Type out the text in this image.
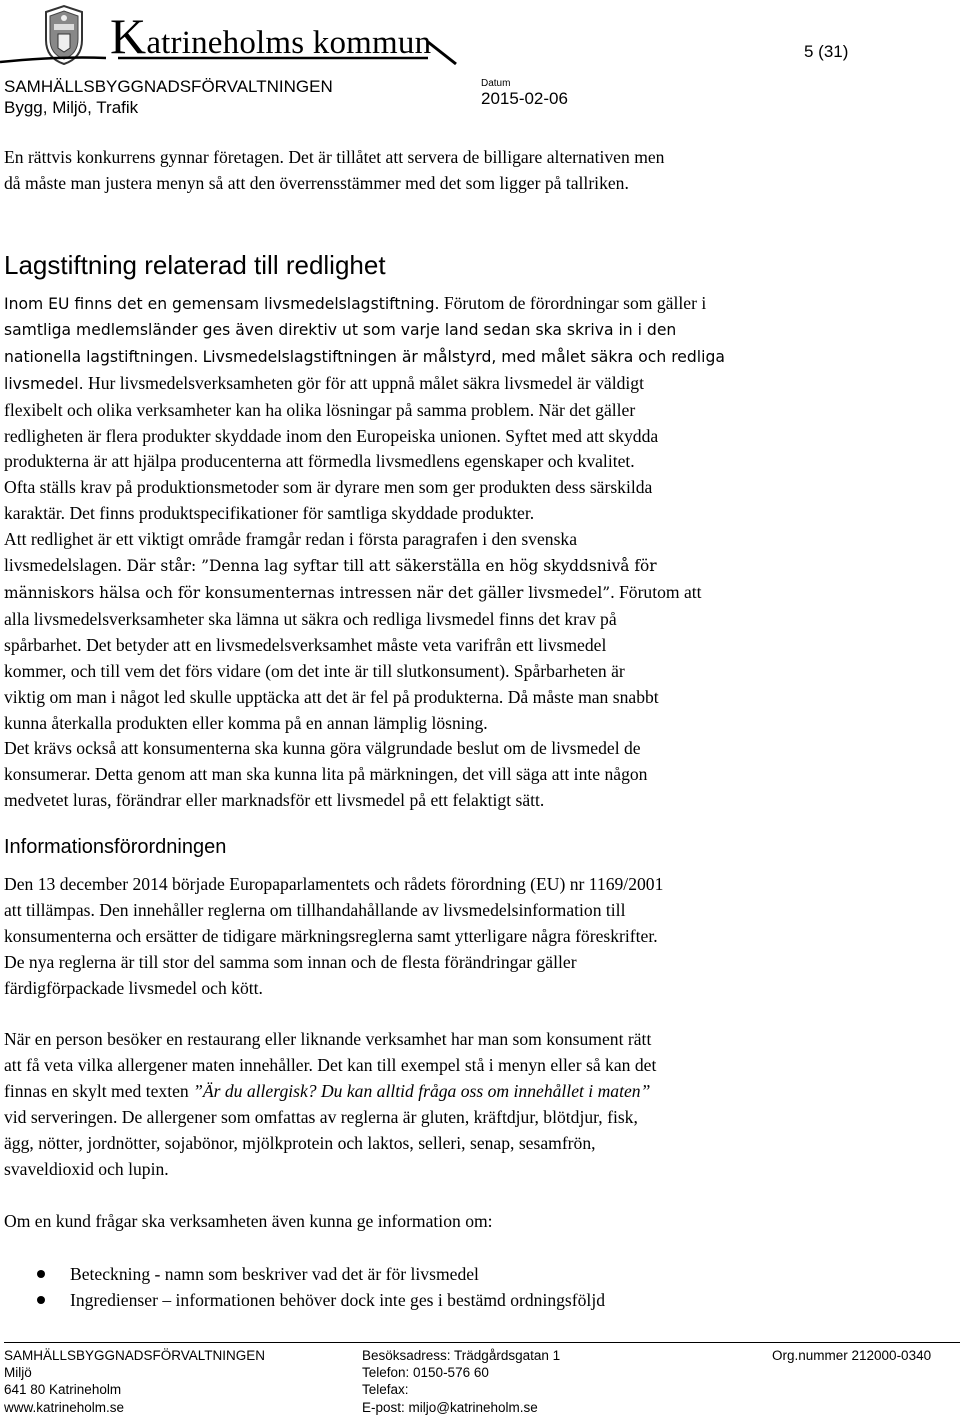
Katrineholms kommun	5 (31)
SAMHÄLLSBYGGNADSFÖRVALTNINGEN
Bygg, Miljö, Trafik
Datum
2015-02-06
En rättvis konkurrens gynnar företagen. Det är tillåtet att servera de billigare alternativen men
då måste man justera menyn så att den överrensstämmer med det som ligger på tallriken.
Lagstiftning relaterad till redlighet
Inom EU finns det en gemensam livsmedelslagstiftning. Förutom de förordningar som gäller i
samtliga medlemsländer ges även direktiv ut som varje land sedan ska skriva in i den
nationella lagstiftningen. Livsmedelslagstiftningen är målstyrd, med målet säkra och redliga
livsmedel. Hur livsmedelsverksamheten gör för att uppnå målet säkra livsmedel är väldigt
flexibelt och olika verksamheter kan ha olika lösningar på samma problem. När det gäller
redligheten är flera produkter skyddade inom den Europeiska unionen. Syftet med att skydda
produkterna är att hjälpa producenterna att förmedla livsmedlens egenskaper och kvalitet.
Ofta ställs krav på produktionsmetoder som är dyrare men som ger produkten dess särskilda
karaktär. Det finns produktspecifikationer för samtliga skyddade produkter.
Att redlighet är ett viktigt område framgår redan i första paragrafen i den svenska
livsmedelslagen. Där står: ”Denna lag syftar till att säkerställa en hög skyddsnivå för
människors hälsa och för konsumenternas intressen när det gäller livsmedel”. Förutom att
alla livsmedelsverksamheter ska lämna ut säkra och redliga livsmedel finns det krav på
spårbarhet. Det betyder att en livsmedelsverksamhet måste veta varifrån ett livsmedel
kommer, och till vem det förs vidare (om det inte är till slutkonsument). Spårbarheten är
viktig om man i något led skulle upptäcka att det är fel på produkterna. Då måste man snabbt
kunna återkalla produkten eller komma på en annan lämplig lösning.
Det krävs också att konsumenterna ska kunna göra välgrundade beslut om de livsmedel de
konsumerar. Detta genom att man ska kunna lita på märkningen, det vill säga att inte någon
medvetet luras, förändrar eller marknadsför ett livsmedel på ett felaktigt sätt.
Informationsförordningen
Den 13 december 2014 började Europaparlamentets och rådets förordning (EU) nr 1169/2001
att tillämpas. Den innehåller reglerna om tillhandahållande av livsmedelsinformation till
konsumenterna och ersätter de tidigare märkningsreglerna samt ytterligare några föreskrifter.
De nya reglerna är till stor del samma som innan och de flesta förändringar gäller
färdigförpackade livsmedel och kött.
När en person besöker en restaurang eller liknande verksamhet har man som konsument rätt
att få veta vilka allergener maten innehåller. Det kan till exempel stå i menyn eller så kan det
finnas en skylt med texten ”Är du allergisk? Du kan alltid fråga oss om innehållet i maten”
vid serveringen. De allergener som omfattas av reglerna är gluten, kräftdjur, blötdjur, fisk,
ägg, nötter, jordnötter, sojabönor, mjölkprotein och laktos, selleri, senap, sesamfrön,
svaveldioxid och lupin.
Om en kund frågar ska verksamheten även kunna ge information om:
Beteckning - namn som beskriver vad det är för livsmedel
Ingredienser – informationen behöver dock inte ges i bestämd ordningsföljd
SAMHÄLLSBYGGNADSFÖRVALTNINGEN
Miljö
641 80 Katrineholm
www.katrineholm.se
Besöksadress: Trädgårdsgatan 1
Telefon: 0150-576 60
Telefax:
E-post: miljo@katrineholm.se
Org.nummer 212000-0340
